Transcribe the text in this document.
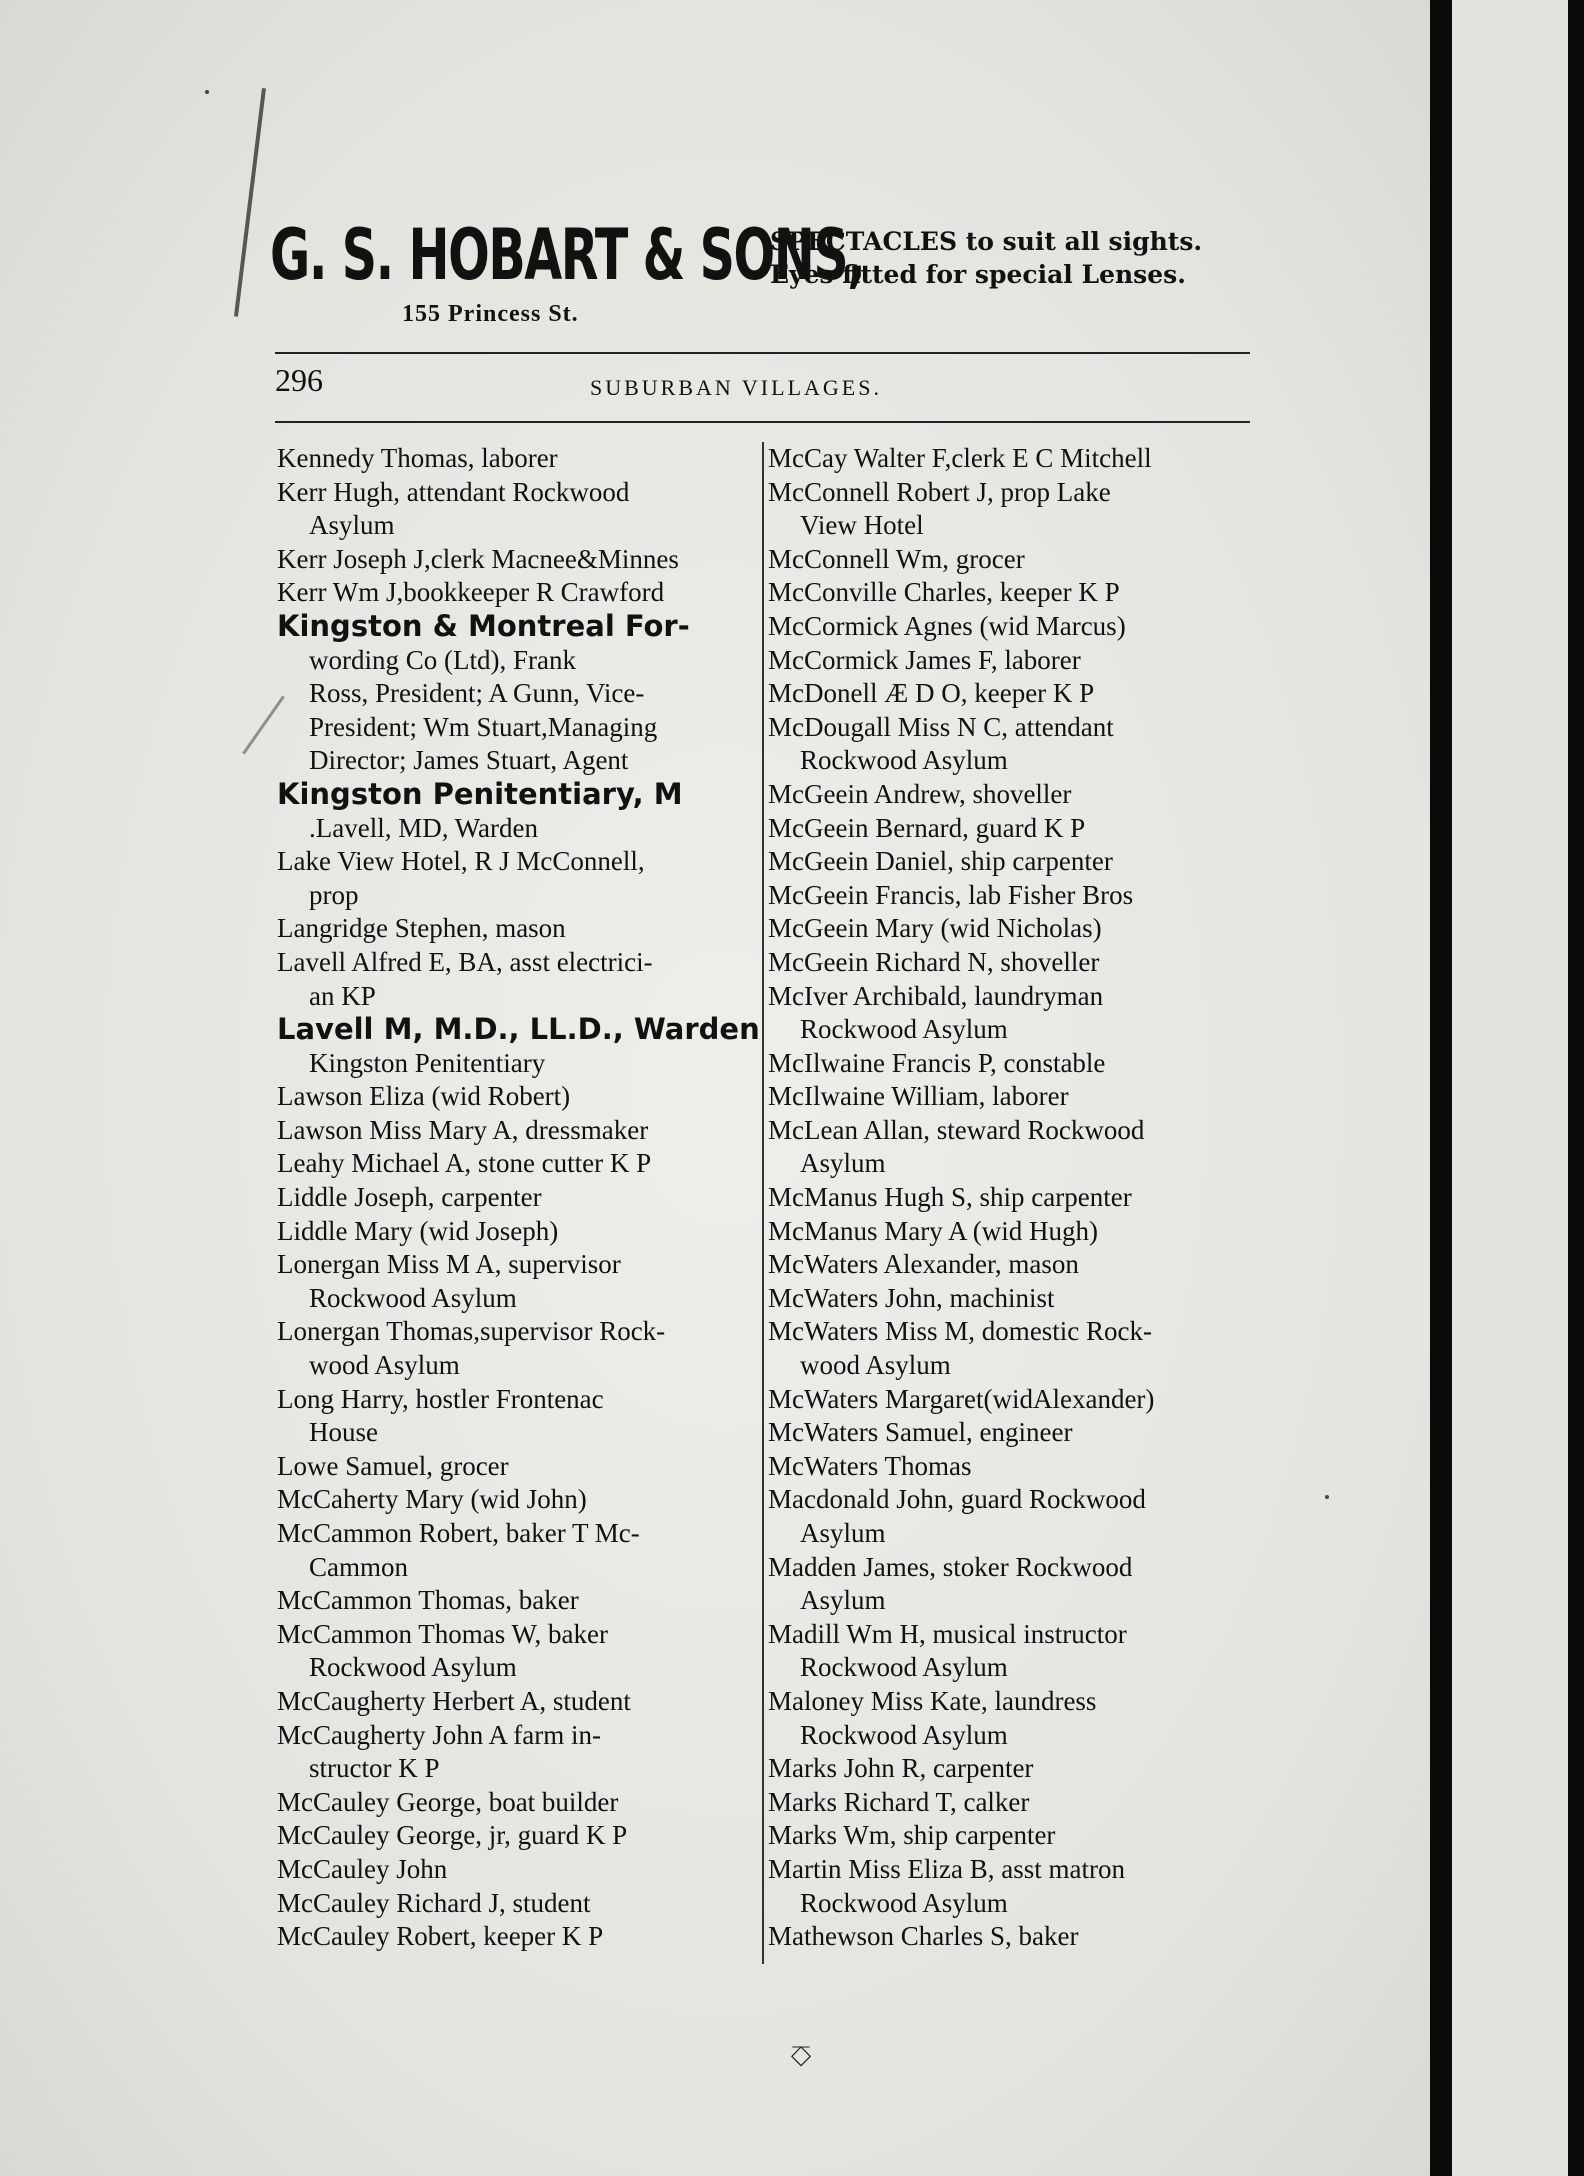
G. S. HOBART & SONS,
155 Princess St.
SPECTACLES to suit all sights. Eyes fitted for special Lenses.
296	SUBURBAN VILLAGES.
Kennedy Thomas, laborer
Kerr Hugh, attendant Rockwood
Asylum
Kerr Joseph J,clerk Macnee&Minnes
Kerr Wm J,bookkeeper R Crawford
Kingston & Montreal For-
wording Co (Ltd), Frank
Ross, President; A Gunn, Vice-
President; Wm Stuart,Managing
Director; James Stuart, Agent
Kingston Penitentiary, M
.Lavell, MD, Warden
Lake View Hotel, R J McConnell,
prop
Langridge Stephen, mason
Lavell Alfred E, BA, asst electrici-
an KP
Lavell M, M.D., LL.D., Warden
Kingston Penitentiary
Lawson Eliza (wid Robert)
Lawson Miss Mary A, dressmaker
Leahy Michael A, stone cutter K P
Liddle Joseph, carpenter
Liddle Mary (wid Joseph)
Lonergan Miss M A, supervisor
Rockwood Asylum
Lonergan Thomas,supervisor Rock-
wood Asylum
Long Harry, hostler Frontenac
House
Lowe Samuel, grocer
McCaherty Mary (wid John)
McCammon Robert, baker T Mc-
Cammon
McCammon Thomas, baker
McCammon Thomas W, baker
Rockwood Asylum
McCaugherty Herbert A, student
McCaugherty John A farm in-
structor K P
McCauley George, boat builder
McCauley George, jr, guard K P
McCauley John
McCauley Richard J, student
McCauley Robert, keeper K P
McCay Walter F,clerk E C Mitchell
McConnell Robert J, prop Lake
View Hotel
McConnell Wm, grocer
McConville Charles, keeper K P
McCormick Agnes (wid Marcus)
McCormick James F, laborer
McDonell Æ D O, keeper K P
McDougall Miss N C, attendant
Rockwood Asylum
McGeein Andrew, shoveller
McGeein Bernard, guard K P
McGeein Daniel, ship carpenter
McGeein Francis, lab Fisher Bros
McGeein Mary (wid Nicholas)
McGeein Richard N, shoveller
McIver Archibald, laundryman
Rockwood Asylum
McIlwaine Francis P, constable
McIlwaine William, laborer
McLean Allan, steward Rockwood
Asylum
McManus Hugh S, ship carpenter
McManus Mary A (wid Hugh)
McWaters Alexander, mason
McWaters John, machinist
McWaters Miss M, domestic Rock-
wood Asylum
McWaters Margaret(widAlexander)
McWaters Samuel, engineer
McWaters Thomas
Macdonald John, guard Rockwood
Asylum
Madden James, stoker Rockwood
Asylum
Madill Wm H, musical instructor
Rockwood Asylum
Maloney Miss Kate, laundress
Rockwood Asylum
Marks John R, carpenter
Marks Richard T, calker
Marks Wm, ship carpenter
Martin Miss Eliza B, asst matron
Rockwood Asylum
Mathewson Charles S, baker
⎏
